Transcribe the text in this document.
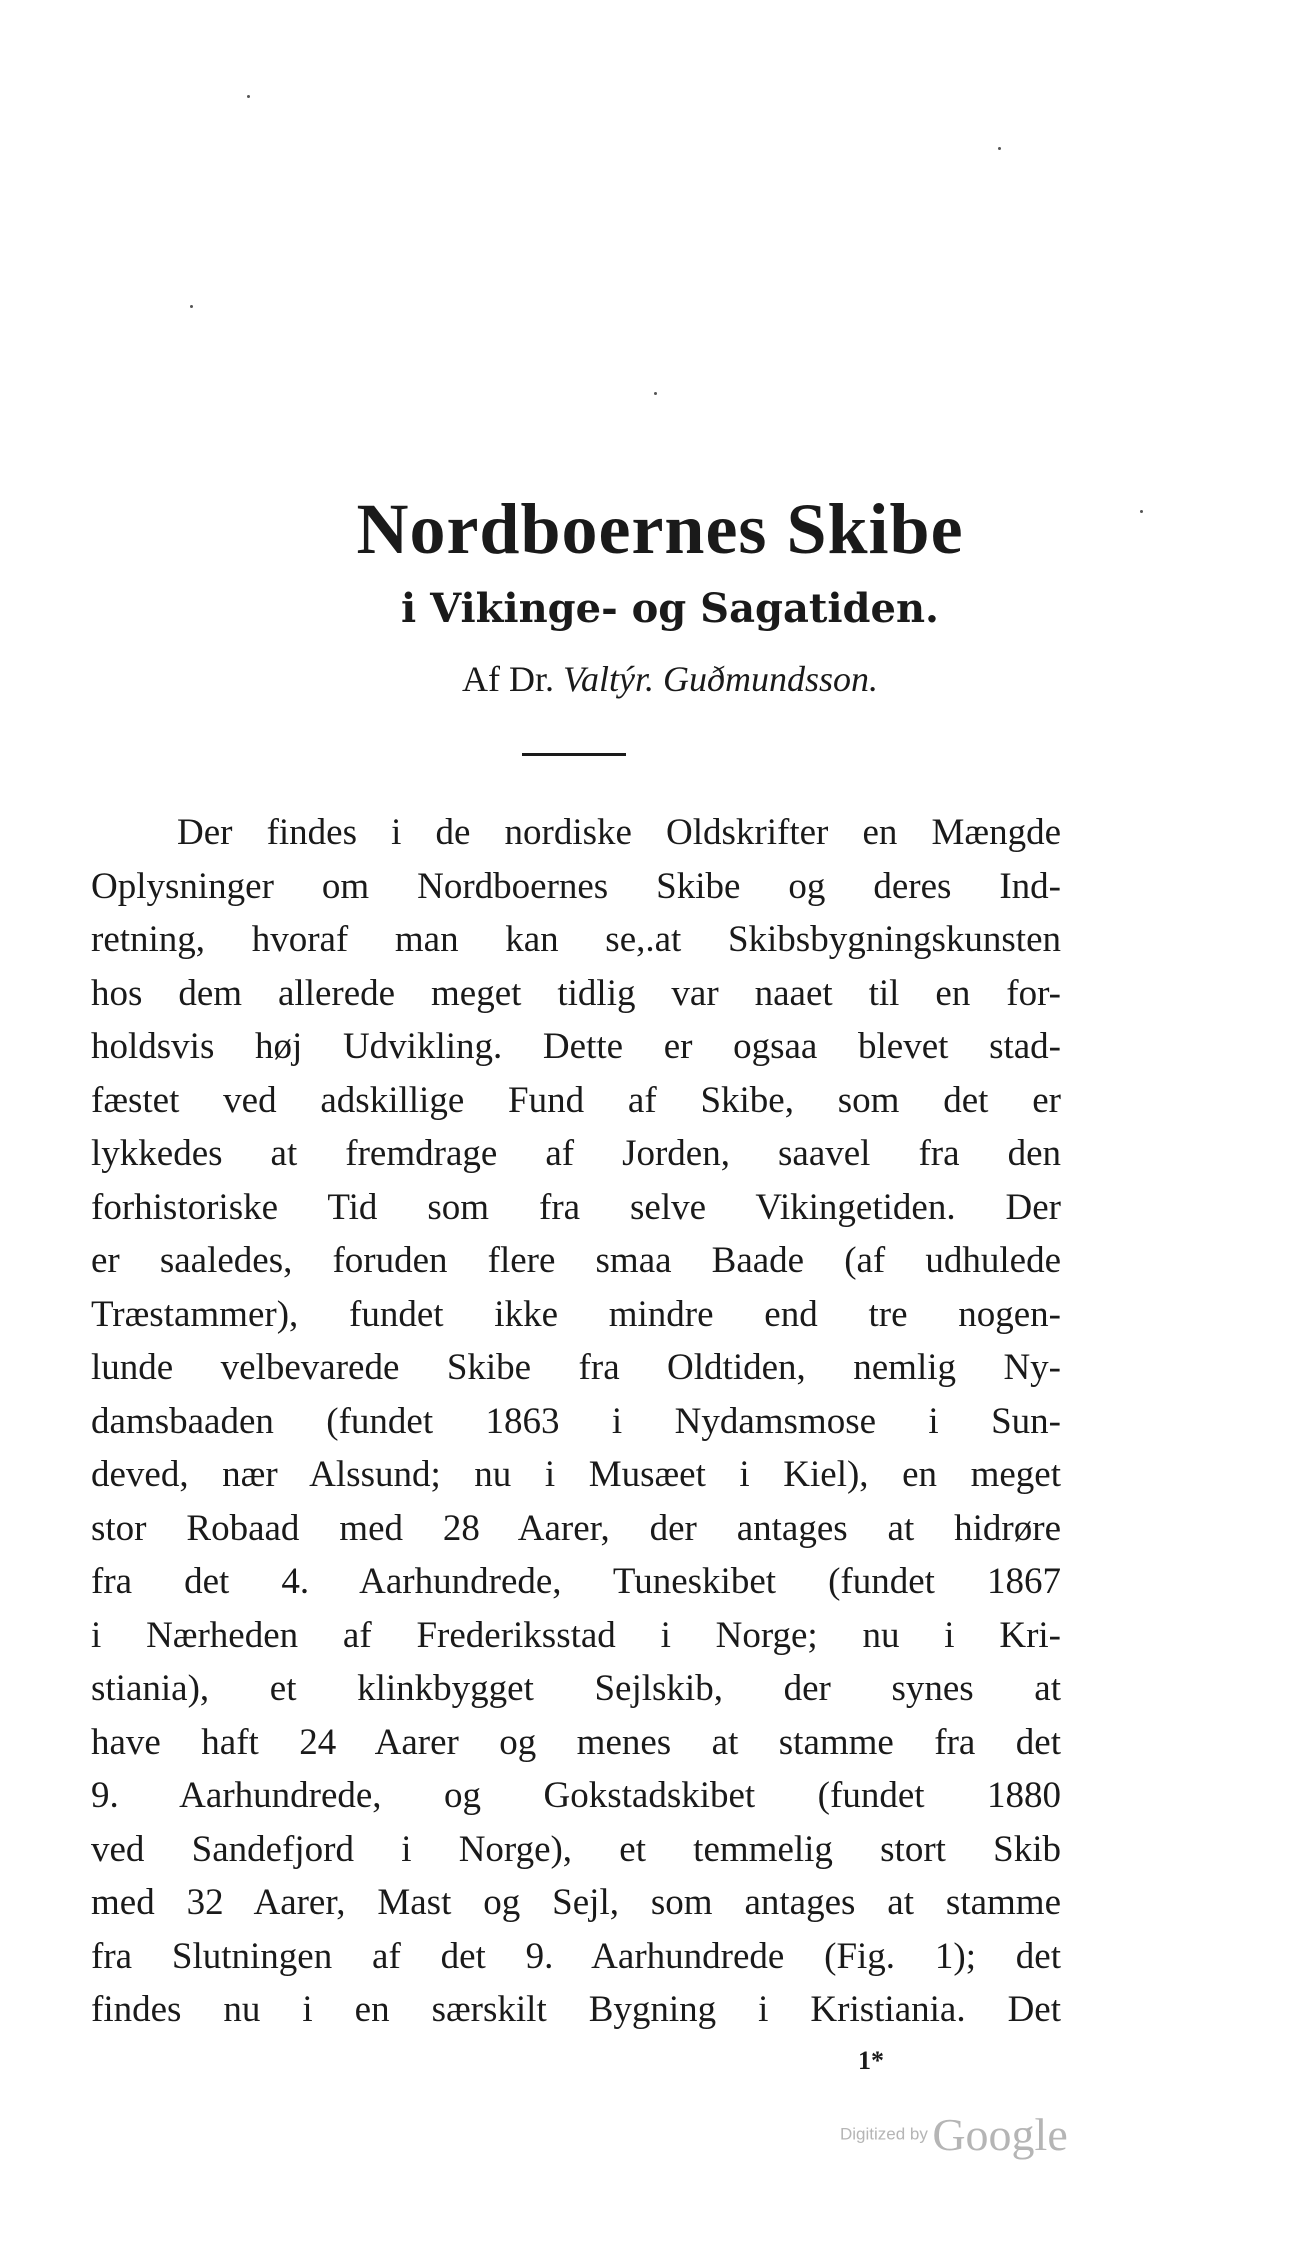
Nordboernes Skibe
i Vikinge- og Sagatiden.

Af Dr. Valtýr. Guðmundsson.

Der findes i de nordiske Oldskrifter en Mængde
Oplysninger om Nordboernes Skibe og deres Ind-
retning, hvoraf man kan se,.at Skibsbygningskunsten
hos dem allerede meget tidlig var naaet til en for-
holdsvis høj Udvikling. Dette er ogsaa blevet stad-
fæstet ved adskillige Fund af Skibe, som det er
lykkedes at fremdrage af Jorden, saavel fra den
forhistoriske Tid som fra selve Vikingetiden. Der
er saaledes, foruden flere smaa Baade (af udhulede
Træstammer), fundet ikke mindre end tre nogen-
lunde velbevarede Skibe fra Oldtiden, nemlig Ny-
damsbaaden (fundet 1863 i Nydamsmose i Sun-
deved, nær Alssund; nu i Musæet i Kiel), en meget
stor Robaad med 28 Aarer, der antages at hidrøre
fra det 4. Aarhundrede, Tuneskibet (fundet 1867
i Nærheden af Frederiksstad i Norge; nu i Kri-
stiania), et klinkbygget Sejlskib, der synes at
have haft 24 Aarer og menes at stamme fra det
9. Aarhundrede, og Gokstadskibet (fundet 1880
ved Sandefjord i Norge), et temmelig stort Skib
med 32 Aarer, Mast og Sejl, som antages at stamme
fra Slutningen af det 9. Aarhundrede (Fig. 1); det
findes nu i en særskilt Bygning i Kristiania. Det
1*
Digitized by Google
